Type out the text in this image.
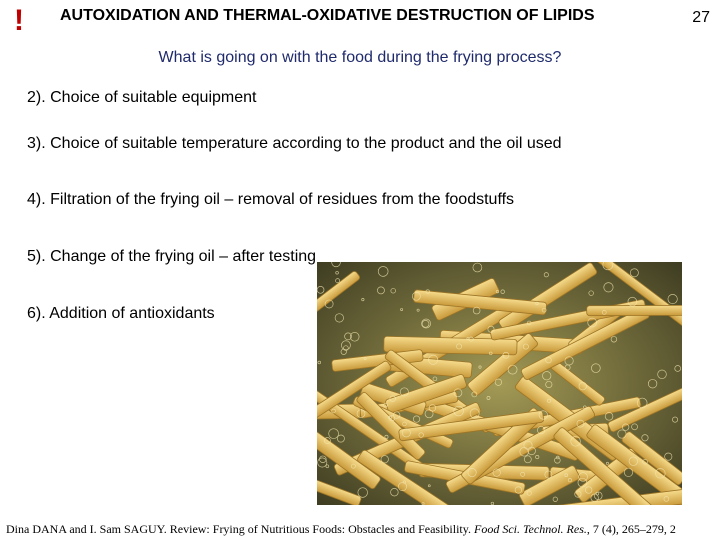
! AUTOXIDATION AND THERMAL-OXIDATIVE DESTRUCTION OF LIPIDS	27
What is going on with the food during the frying process?
2). Choice of suitable equipment
3). Choice of suitable temperature according to the product and the oil used
4). Filtration of the frying oil – removal of residues from the foodstuffs
5). Change of the frying oil – after testing
6). Addition of antioxidants
Dina DANA and I. Sam SAGUY. Review: Frying of Nutritious Foods: Obstacles and Feasibility. Food Sci. Technol. Res., 7 (4), 265–279, 2
